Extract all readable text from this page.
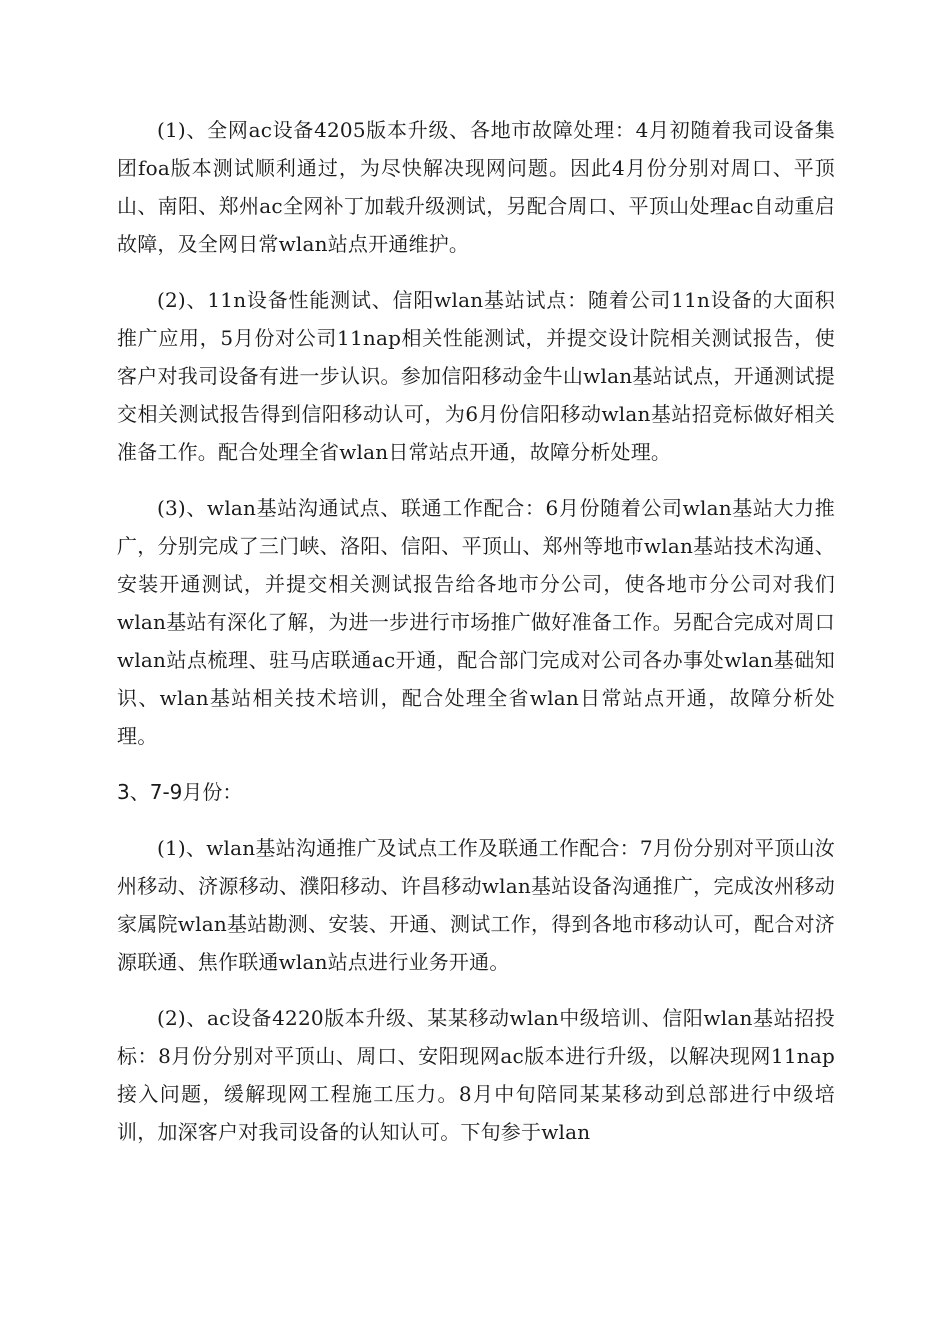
(1)、全网ac设备4205版本升级、各地市故障处理：4月初随着我司设备集团foa版本测试顺利通过，为尽快解决现网问题。因此4月份分别对周口、平顶山、南阳、郑州ac全网补丁加载升级测试，另配合周口、平顶山处理ac自动重启故障，及全网日常wlan站点开通维护。

(2)、11n设备性能测试、信阳wlan基站试点：随着公司11n设备的大面积推广应用，5月份对公司11nap相关性能测试，并提交设计院相关测试报告，使客户对我司设备有进一步认识。参加信阳移动金牛山wlan基站试点，开通测试提交相关测试报告得到信阳移动认可，为6月份信阳移动wlan基站招竞标做好相关准备工作。配合处理全省wlan日常站点开通，故障分析处理。

(3)、wlan基站沟通试点、联通工作配合：6月份随着公司wlan基站大力推广，分别完成了三门峡、洛阳、信阳、平顶山、郑州等地市wlan基站技术沟通、安装开通测试，并提交相关测试报告给各地市分公司，使各地市分公司对我们wlan基站有深化了解，为进一步进行市场推广做好准备工作。另配合完成对周口wlan站点梳理、驻马店联通ac开通，配合部门完成对公司各办事处wlan基础知识、wlan基站相关技术培训，配合处理全省wlan日常站点开通，故障分析处理。

3、7-9月份：

(1)、wlan基站沟通推广及试点工作及联通工作配合：7月份分别对平顶山汝州移动、济源移动、濮阳移动、许昌移动wlan基站设备沟通推广，完成汝州移动家属院wlan基站勘测、安装、开通、测试工作，得到各地市移动认可，配合对济源联通、焦作联通wlan站点进行业务开通。

(2)、ac设备4220版本升级、某某移动wlan中级培训、信阳wlan基站招投标：8月份分别对平顶山、周口、安阳现网ac版本进行升级，以解决现网11nap接入问题，缓解现网工程施工压力。8月中旬陪同某某移动到总部进行中级培训，加深客户对我司设备的认知认可。下旬参于wlan
